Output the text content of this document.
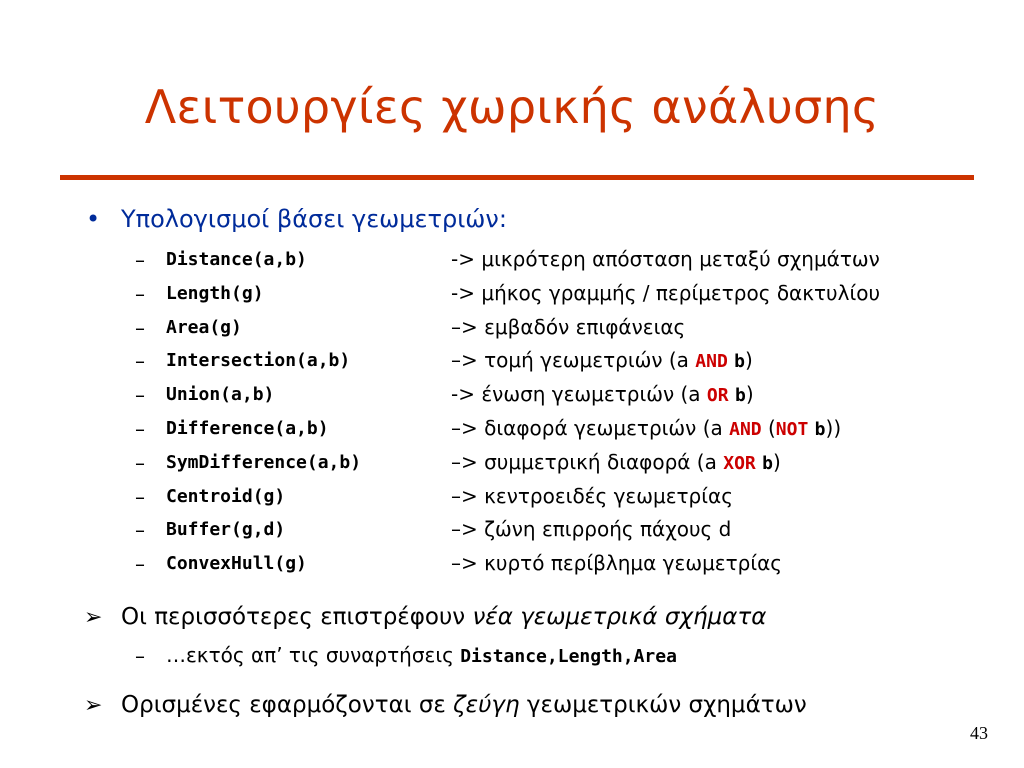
Λειτουργίες χωρικής ανάλυσης
• Υπολογισμοί βάσει γεωμετριών:
– Distance(a,b)	-> μικρότερη απόσταση μεταξύ σχημάτων
– Length(g)	-> μήκος γραμμής / περίμετρος δακτυλίου
– Area(g)	–> εμβαδόν επιφάνειας
– Intersection(a,b)	–> τομή γεωμετριών (a AND b)
– Union(a,b)	-> ένωση γεωμετριών (a OR b)
– Difference(a,b)	–> διαφορά γεωμετριών (a AND (NOT b))
– SymDifference(a,b)	–> συμμετρική διαφορά (a XOR b)
– Centroid(g)	–> κεντροειδές γεωμετρίας
– Buffer(g,d)	–> ζώνη επιρροής πάχους d
– ConvexHull(g)	–> κυρτό περίβλημα γεωμετρίας
➢ Οι περισσότερες επιστρέφουν νέα γεωμετρικά σχήματα
– …εκτός απ’ τις συναρτήσεις Distance,Length,Area
➢ Ορισμένες εφαρμόζονται σε ζεύγη γεωμετρικών σχημάτων
43
